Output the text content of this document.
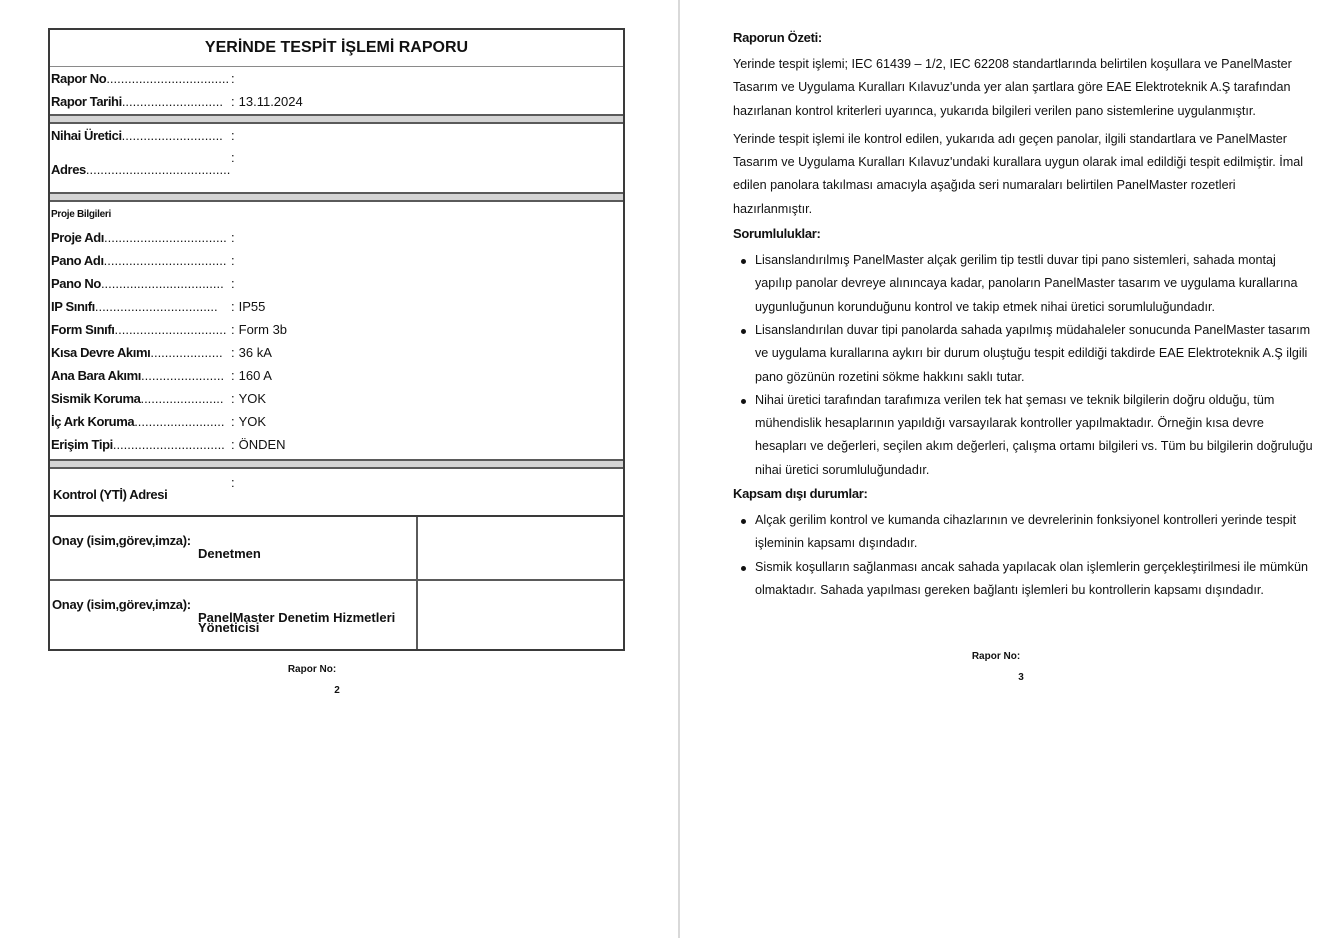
YERİNDE TESPİT İŞLEMİ RAPORU
Rapor No.................................. :
Rapor Tarihi............................ : 13.11.2024
Nihai Üretici............................ :
:
Adres........................................
Proje Bilgileri
Proje Adı.................................. :
Pano Adı.................................. :
Pano No.................................. :
IP Sınıfı.................................. : IP55
Form Sınıfı............................... : Form 3b
Kısa Devre Akımı.................... : 36 kA
Ana Bara Akımı....................... : 160 A
Sismik Koruma....................... : YOK
İç Ark Koruma......................... : YOK
Erişim Tipi............................... : ÖNDEN
Kontrol (YTİ) Adresi
:
Onay (isim,görev,imza):
Denetmen
Onay (isim,görev,imza):
PanelMaster Denetim Hizmetleri Yöneticisi
Rapor No:
2
Raporun Özeti:
Yerinde tespit işlemi; IEC 61439 – 1/2, IEC 62208 standartlarında belirtilen koşullara ve PanelMaster Tasarım ve Uygulama Kuralları Kılavuz'unda yer alan şartlara göre EAE Elektroteknik A.Ş tarafından hazırlanan kontrol kriterleri uyarınca, yukarıda bilgileri verilen pano sistemlerine uygulanmıştır.
Yerinde tespit işlemi ile kontrol edilen, yukarıda adı geçen panolar, ilgili standartlara ve PanelMaster Tasarım ve Uygulama Kuralları Kılavuz'undaki kurallara uygun olarak imal edildiği tespit edilmiştir. İmal edilen panolara takılması amacıyla aşağıda seri numaraları belirtilen PanelMaster rozetleri hazırlanmıştır.
Sorumluluklar:
Lisanslandırılmış PanelMaster alçak gerilim tip testli duvar tipi pano sistemleri, sahada montaj yapılıp panolar devreye alınıncaya kadar, panoların PanelMaster tasarım ve uygulama kurallarına uygunluğunun korunduğunu kontrol ve takip etmek nihai üretici sorumluluğundadır.
Lisanslandırılan duvar tipi panolarda sahada yapılmış müdahaleler sonucunda PanelMaster tasarım ve uygulama kurallarına aykırı bir durum oluştuğu tespit edildiği takdirde EAE Elektroteknik A.Ş ilgili pano gözünün rozetini sökme hakkını saklı tutar.
Nihai üretici tarafından tarafımıza verilen tek hat şeması ve teknik bilgilerin doğru olduğu, tüm mühendislik hesaplarının yapıldığı varsayılarak kontroller yapılmaktadır. Örneğin kısa devre hesapları ve değerleri, seçilen akım değerleri, çalışma ortamı bilgileri vs. Tüm bu bilgilerin doğruluğu nihai üretici sorumluluğundadır.
Kapsam dışı durumlar:
Alçak gerilim kontrol ve kumanda cihazlarının ve devrelerinin fonksiyonel kontrolleri yerinde tespit işleminin kapsamı dışındadır.
Sismik koşulların sağlanması ancak sahada yapılacak olan işlemlerin gerçekleştirilmesi ile mümkün olmaktadır. Sahada yapılması gereken bağlantı işlemleri bu kontrollerin kapsamı dışındadır.
Rapor No:
3
